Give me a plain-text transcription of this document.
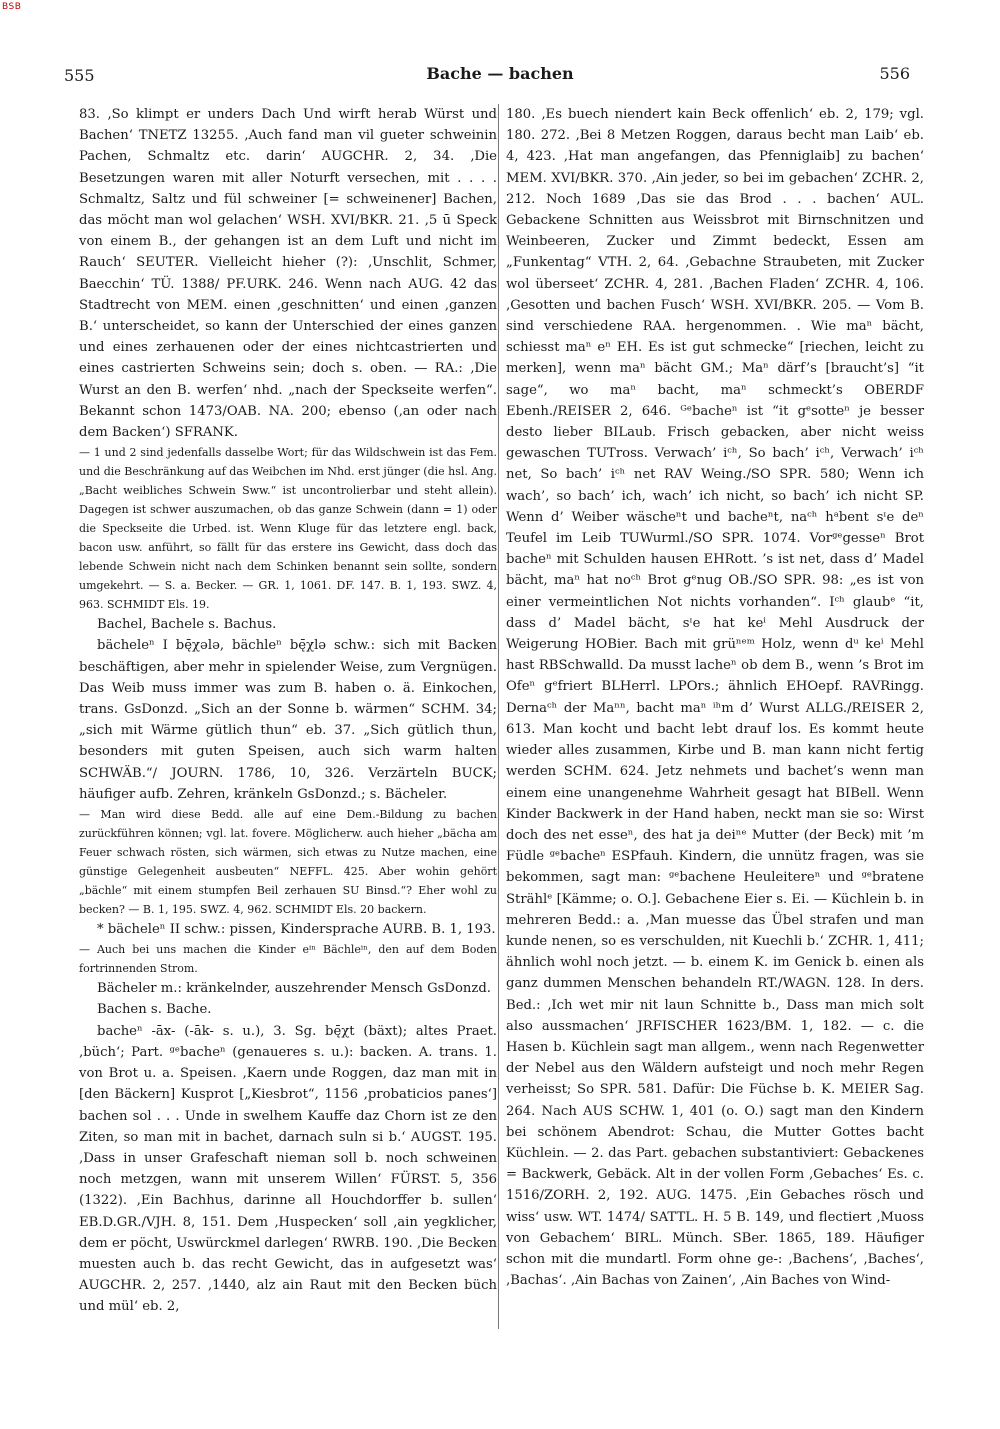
BSB
555	Bache — bachen	556

83. ‚So klimpt er unders Dach Und wirft herab Würst und Bachen‘ TNETZ 13255. ‚Auch fand man vil gueter schweinin Pachen, Schmaltz etc. darin‘ AUGCHR. 2, 34. ‚Die Besetzungen waren mit aller Noturft versechen, mit . . . . Schmaltz, Saltz und fül schweiner [= schweinener] Bachen, das möcht man wol gelachen‘ WSH. XVI/BKR. 21. ‚5 ū Speck von einem B., der gehangen ist an dem Luft und nicht im Rauch‘ SEUTER. Vielleicht hieher (?): ‚Unschlit, Schmer, Baecchin‘ TÜ. 1388/ PF.URK. 246. Wenn nach AUG. 42 das Stadtrecht von MEM. einen ‚geschnitten‘ und einen ‚ganzen B.‘ unterscheidet, so kann der Unterschied der eines ganzen und eines zerhauenen oder der eines nichtcastrierten und eines castrierten Schweins sein; doch s. oben. — RA.: ‚Die Wurst an den B. werfen‘ nhd. „nach der Speckseite werfen“. Bekannt schon 1473/OAB. NA. 200; ebenso (‚an oder nach dem Backen‘) SFRANK.

— 1 und 2 sind jedenfalls dasselbe Wort; für das Wildschwein ist das Fem. und die Beschränkung auf das Weibchen im Nhd. erst jünger (die hsl. Ang. „Bacht weibliches Schwein Sww.“ ist uncontrolierbar und steht allein). Dagegen ist schwer auszumachen, ob das ganze Schwein (dann = 1) oder die Speckseite die Urbed. ist. Wenn Kluge für das letztere engl. back, bacon usw. anführt, so fällt für das erstere ins Gewicht, dass doch das lebende Schwein nicht nach dem Schinken benannt sein sollte, sondern umgekehrt. — S. a. Becker. — GR. 1, 1061. DF. 147. B. 1, 193. SWZ. 4, 963. SCHMIDT Els. 19.

Bachel, Bachele s. Bachus.

bächeleⁿ I bę̄χələ, bächleⁿ bę̄χlə schw.: sich mit Backen beschäftigen, aber mehr in spielender Weise, zum Vergnügen. Das Weib muss immer was zum B. haben o. ä. Einkochen, trans. GsDonzd. „Sich an der Sonne b. wärmen“ SCHM. 34; „sich mit Wärme gütlich thun“ eb. 37. „Sich gütlich thun, besonders mit guten Speisen, auch sich warm halten SCHWÄB.“/ JOURN. 1786, 10, 326. Verzärteln BUCK; häufiger aufb. Zehren, kränkeln GsDonzd.; s. Bächeler.

— Man wird diese Bedd. alle auf eine Dem.-Bildung zu bachen zurückführen können; vgl. lat. fovere. Möglicherw. auch hieher „bächa am Feuer schwach rösten, sich wärmen, sich etwas zu Nutze machen, eine günstige Gelegenheit ausbeuten“ NEFFL. 425. Aber wohin gehört „bächle“ mit einem stumpfen Beil zerhauen SU Binsd.“? Eher wohl zu becken? — B. 1, 195. SWZ. 4, 962. SCHMIDT Els. 20 backern.

* bächeleⁿ II schw.: pissen, Kindersprache AURB. B. 1, 193.

— Auch bei uns machen die Kinder eⁱⁿ Bächleⁱⁿ, den auf dem Boden fortrinnenden Strom.

Bächeler m.: kränkelnder, auszehrender Mensch GsDonzd.

Bachen s. Bache.

bacheⁿ -āx- (-āk- s. u.), 3. Sg. bę̄χt (bäxt); altes Praet. ‚büch‘; Part. ᵍᵉbacheⁿ (genaueres s. u.): backen. A. trans. 1. von Brot u. a. Speisen. ‚Kaern unde Roggen, daz man mit in [den Bäckern] Kusprot [„Kiesbrot“, 1156 ‚probaticios panes‘] bachen sol . . . Unde in swelhem Kauffe daz Chorn ist ze den Ziten, so man mit in bachet, darnach suln si b.‘ AUGST. 195. ‚Dass in unser Grafeschaft nieman soll b. noch schweinen noch metzgen, wann mit unserem Willen‘ FÜRST. 5, 356 (1322). ‚Ein Bachhus, darinne all Houchdorffer b. sullen‘ EB.D.GR./VJH. 8, 151. Dem ‚Huspecken‘ soll ‚ain yegklicher, dem er pöcht, Uswürckmel darlegen‘ RWRB. 190. ‚Die Becken muesten auch b. das recht Gewicht, das in aufgesetzt was‘ AUGCHR. 2, 257. ‚1440, alz ain Raut mit den Becken büch und mül‘ eb. 2,

180. ‚Es buech niendert kain Beck offenlich‘ eb. 2, 179; vgl. 180. 272. ‚Bei 8 Metzen Roggen, daraus becht man Laib‘ eb. 4, 423. ‚Hat man angefangen, das Pfenniglaib] zu bachen‘ MEM. XVI/BKR. 370. ‚Ain jeder, so bei im gebachen‘ ZCHR. 2, 212. Noch 1689 ‚Das sie das Brod . . . bachen‘ AUL. Gebackene Schnitten aus Weissbrot mit Birnschnitzen und Weinbeeren, Zucker und Zimmt bedeckt, Essen am „Funkentag“ VTH. 2, 64. ‚Gebachne Straubeten, mit Zucker wol überseet‘ ZCHR. 4, 281. ‚Bachen Fladen‘ ZCHR. 4, 106. ‚Gesotten und bachen Fusch‘ WSH. XVI/BKR. 205. — Vom B. sind verschiedene RAA. hergenommen. . Wie maⁿ bächt, schiesst maⁿ eⁿ EH. Es ist gut schmecke“ [riechen, leicht zu merken], wenn maⁿ bächt GM.; Maⁿ därf’s [braucht’s] “it sage“, wo maⁿ bacht, maⁿ schmeckt’s OBERDF Ebenh./REISER 2, 646. ᴳᵉbacheⁿ ist “it gᵉsotteⁿ je besser desto lieber BILaub. Frisch gebacken, aber nicht weiss gewaschen TUTross. Verwach’ iᶜʰ, So bach’ iᶜʰ, Verwach’ iᶜʰ net, So bach’ iᶜʰ net RAV Weing./SO SPR. 580; Wenn ich wach’, so bach’ ich, wach’ ich nicht, so bach’ ich nicht SP. Wenn d’ Weiber wäscheⁿt und bacheⁿt, naᶜʰ hᵃbent sᶦe deⁿ Teufel im Leib TUWurml./SO SPR. 1074. Vorᵍᵉgesseⁿ Brot bacheⁿ mit Schulden hausen EHRott. ’s ist net, dass d’ Madel bächt, maⁿ hat noᶜʰ Brot gᵉnug OB./SO SPR. 98: „es ist von einer vermeintlichen Not nichts vorhanden“. Iᶜʰ glaubᵉ “it, dass d’ Madel bächt, sᶦe hat keⁱ Mehl Ausdruck der Weigerung HOBier. Bach mit grüⁿᵉᵐ Holz, wenn dᵘ keⁱ Mehl hast RBSchwalld. Da musst lacheⁿ ob dem B., wenn ’s Brot im Ofeⁿ gᵉfriert BLHerrl. LPOrs.; ähnlich EHOepf. RAVRingg. Dernaᶜʰ der Maⁿⁿ, bacht maⁿ ⁱʰm d’ Wurst ALLG./REISER 2, 613. Man kocht und bacht lebt drauf los. Es kommt heute wieder alles zusammen, Kirbe und B. man kann nicht fertig werden SCHM. 624. Jetz nehmets und bachet’s wenn man einem eine unangenehme Wahrheit gesagt hat BIBell. Wenn Kinder Backwerk in der Hand haben, neckt man sie so: Wirst doch des net esseⁿ, des hat ja deiⁿᵉ Mutter (der Beck) mit ’m Füdle ᵍᵉbacheⁿ ESPfauh. Kindern, die unnütz fragen, was sie bekommen, sagt man: ᵍᵉbachene Heuleitereⁿ und ᵍᵉbratene Strählᵉ [Kämme; o. O.]. Gebachene Eier s. Ei. — Küchlein b. in mehreren Bedd.: a. ‚Man muesse das Übel strafen und man kunde nenen, so es verschulden, nit Kuechli b.‘ ZCHR. 1, 411; ähnlich wohl noch jetzt. — b. einem K. im Genick b. einen als ganz dummen Menschen behandeln RT./WAGN. 128. In ders. Bed.: ‚Ich wet mir nit laun Schnitte b., Dass man mich solt also aussmachen‘ JRFISCHER 1623/BM. 1, 182. — c. die Hasen b. Küchlein sagt man allgem., wenn nach Regenwetter der Nebel aus den Wäldern aufsteigt und noch mehr Regen verheisst; So SPR. 581. Dafür: Die Füchse b. K. MEIER Sag. 264. Nach AUS SCHW. 1, 401 (o. O.) sagt man den Kindern bei schönem Abendrot: Schau, die Mutter Gottes bacht Küchlein. — 2. das Part. gebachen substantiviert: Gebackenes = Backwerk, Gebäck. Alt in der vollen Form ‚Gebaches‘ Es. c. 1516/ZORH. 2, 192. AUG. 1475. ‚Ein Gebaches rösch und wiss‘ usw. WT. 1474/ SATTL. H. 5 B. 149, und flectiert ‚Muoss von Gebachem‘ BIRL. Münch. SBer. 1865, 189. Häufiger schon mit die mundartl. Form ohne ge-: ‚Bachens‘, ‚Baches‘, ‚Bachas‘. ‚Ain Bachas von Zainen‘, ‚Ain Baches von Wind-
